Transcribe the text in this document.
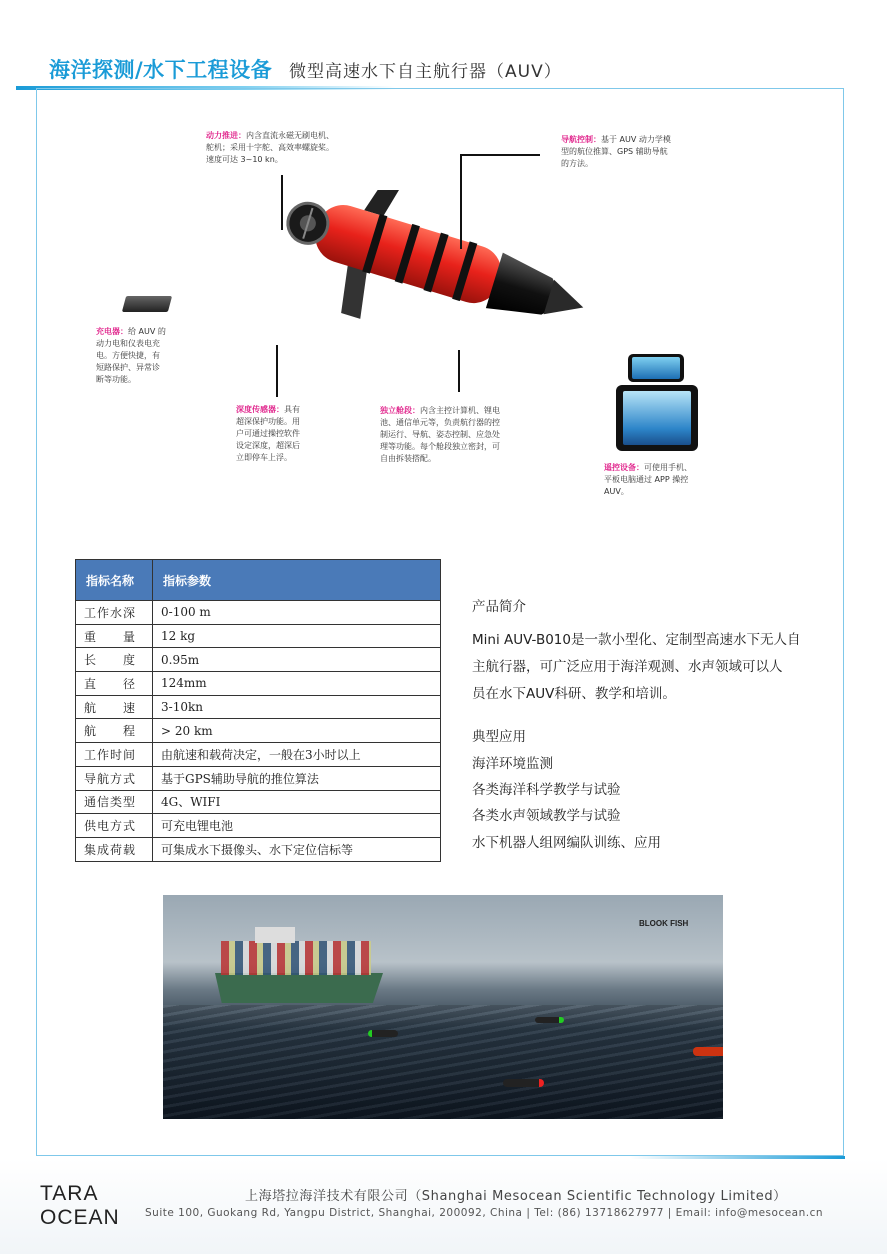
海洋探测/水下工程设备 微型高速水下自主航行器（AUV）
动力推进：内含直流永磁无刷电机、
舵机；采用十字舵、高效率螺旋桨。
速度可达 3~10 kn。
导航控制：基于 AUV 动力学模
型的航位推算、GPS 辅助导航
的方法。
充电器：给 AUV 的
动力电和仪表电充
电。方便快捷，有
短路保护、异常诊
断等功能。
深度传感器：具有
超深保护功能。用
户可通过操控软件
设定深度，超深后
立即停车上浮。
独立舱段：内含主控计算机、锂电
池、通信单元等，负责航行器的控
制运行、导航、姿态控制、应急处
理等功能。每个舱段独立密封，可
自由拆装搭配。
遥控设备：可使用手机、
平板电脑通过 APP 操控
AUV。
指标名称	指标参数
工作水深	0-100 m
重　　量	12 kg
长　　度	0.95m
直　　径	124mm
航　　速	3-10kn
航　　程	> 20 km
工作时间	由航速和载荷决定，一般在3小时以上
导航方式	基于GPS辅助导航的推位算法
通信类型	4G、WIFI
供电方式	可充电锂电池
集成荷载	可集成水下摄像头、水下定位信标等
产品简介
Mini AUV-B010是一款小型化、定制型高速水下无人自
主航行器，可广泛应用于海洋观测、水声领域可以人
员在水下AUV科研、教学和培训。
典型应用
海洋环境监测
各类海洋科学教学与试验
各类水声领域教学与试验
水下机器人组网编队训练、应用
BLOOK FISH
TARA
OCEAN
上海塔拉海洋技术有限公司（Shanghai Mesocean Scientific Technology Limited）
Suite 100, Guokang Rd, Yangpu District, Shanghai, 200092, China | Tel: (86) 13718627977 | Email: info@mesocean.cn
